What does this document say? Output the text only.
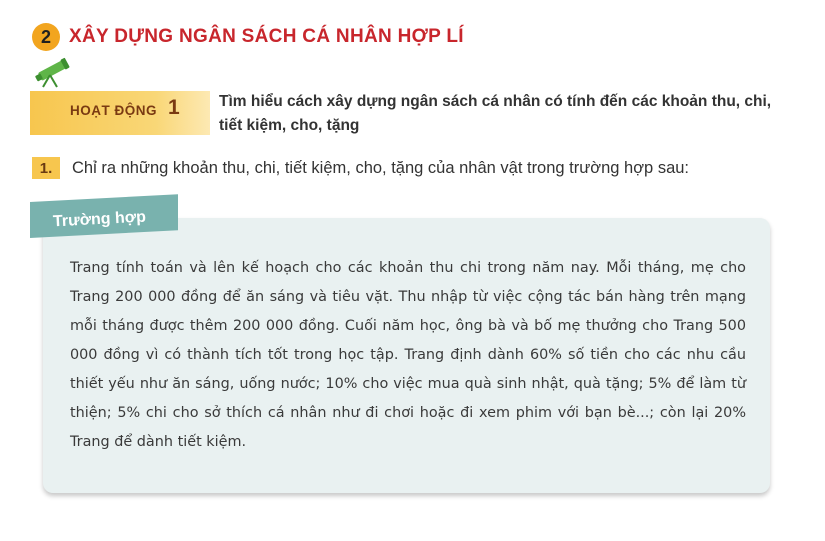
2 XÂY DỰNG NGÂN SÁCH CÁ NHÂN HỢP LÍ
HOẠT ĐỘNG 1	Tìm hiểu cách xây dựng ngân sách cá nhân có tính đến các khoản thu, chi, tiết kiệm, cho, tặng
1.	Chỉ ra những khoản thu, chi, tiết kiệm, cho, tặng của nhân vật trong trường hợp sau:
Trường hợp
Trang tính toán và lên kế hoạch cho các khoản thu chi trong năm nay. Mỗi tháng, mẹ cho Trang 200 000 đồng để ăn sáng và tiêu vặt. Thu nhập từ việc cộng tác bán hàng trên mạng mỗi tháng được thêm 200 000 đồng. Cuối năm học, ông bà và bố mẹ thưởng cho Trang 500 000 đồng vì có thành tích tốt trong học tập. Trang định dành 60% số tiền cho các nhu cầu thiết yếu như ăn sáng, uống nước; 10% cho việc mua quà sinh nhật, quà tặng; 5% để làm từ thiện; 5% chi cho sở thích cá nhân như đi chơi hoặc đi xem phim với bạn bè...; còn lại 20% Trang để dành tiết kiệm.
